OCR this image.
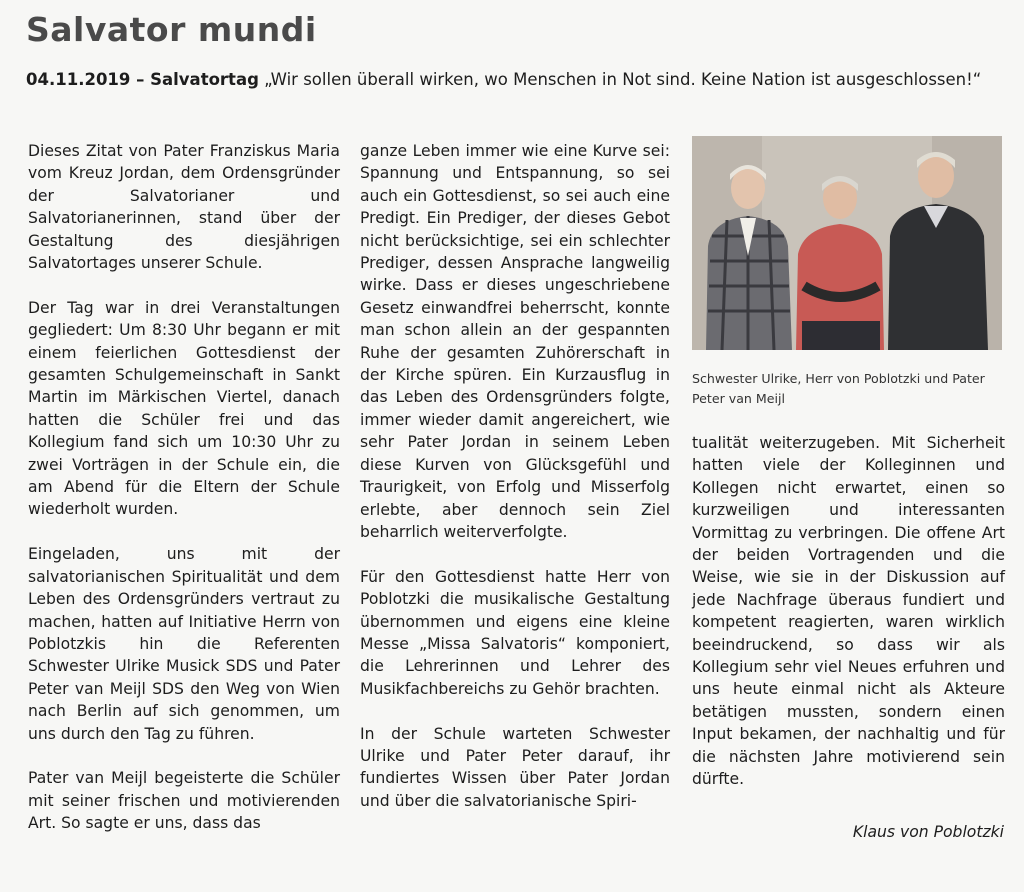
Salvator mundi

04.11.2019 – Salvatortag „Wir sollen überall wirken, wo Menschen in Not sind. Keine Nation ist ausgeschlossen!“

Dieses Zitat von Pater Franziskus Maria vom Kreuz Jordan, dem Ordensgründer der Salvatorianer und Salvatorianerinnen, stand über der Gestaltung des diesjährigen Salvatortages unserer Schule.

Der Tag war in drei Veranstaltungen gegliedert: Um 8:30 Uhr begann er mit einem feierlichen Gottesdienst der gesamten Schulgemeinschaft in Sankt Martin im Märkischen Viertel, danach hatten die Schüler frei und das Kollegium fand sich um 10:30 Uhr zu zwei Vorträgen in der Schule ein, die am Abend für die Eltern der Schule wiederholt wurden.

Eingeladen, uns mit der salvatorianischen Spiritualität und dem Leben des Ordensgründers vertraut zu machen, hatten auf Initiative Herrn von Poblotzkis hin die Referenten Schwester Ulrike Musick SDS und Pater Peter van Meijl SDS den Weg von Wien nach Berlin auf sich genommen, um uns durch den Tag zu führen.

Pater van Meijl begeisterte die Schüler mit seiner frischen und motivierenden Art. So sagte er uns, dass das

ganze Leben immer wie eine Kurve sei: Spannung und Entspannung, so sei auch ein Gottesdienst, so sei auch eine Predigt. Ein Prediger, der dieses Gebot nicht berücksichtige, sei ein schlechter Prediger, dessen Ansprache langweilig wirke. Dass er dieses ungeschriebene Gesetz einwandfrei beherrscht, konnte man schon allein an der gespannten Ruhe der gesamten Zuhörerschaft in der Kirche spüren. Ein Kurzausflug in das Leben des Ordensgründers folgte, immer wieder damit angereichert, wie sehr Pater Jordan in seinem Leben diese Kurven von Glücksgefühl und Traurigkeit, von Erfolg und Misserfolg erlebte, aber dennoch sein Ziel beharrlich weiterverfolgte.

Für den Gottesdienst hatte Herr von Poblotzki die musikalische Gestaltung übernommen und eigens eine kleine Messe „Missa Salvatoris“ komponiert, die Lehrerinnen und Lehrer des Musikfachbereichs zu Gehör brachten.

In der Schule warteten Schwester Ulrike und Pater Peter darauf, ihr fundiertes Wissen über Pater Jordan und über die salvatorianische Spiri-

Schwester Ulrike, Herr von Poblotzki und Pater Peter van Meijl

tualität weiterzugeben. Mit Sicherheit hatten viele der Kolleginnen und Kollegen nicht erwartet, einen so kurzweiligen und interessanten Vormittag zu verbringen. Die offene Art der beiden Vortragenden und die Weise, wie sie in der Diskussion auf jede Nachfrage überaus fundiert und kompetent reagierten, waren wirklich beeindruckend, so dass wir als Kollegium sehr viel Neues erfuhren und uns heute einmal nicht als Akteure betätigen mussten, sondern einen Input bekamen, der nachhaltig und für die nächsten Jahre motivierend sein dürfte.

Klaus von Poblotzki
